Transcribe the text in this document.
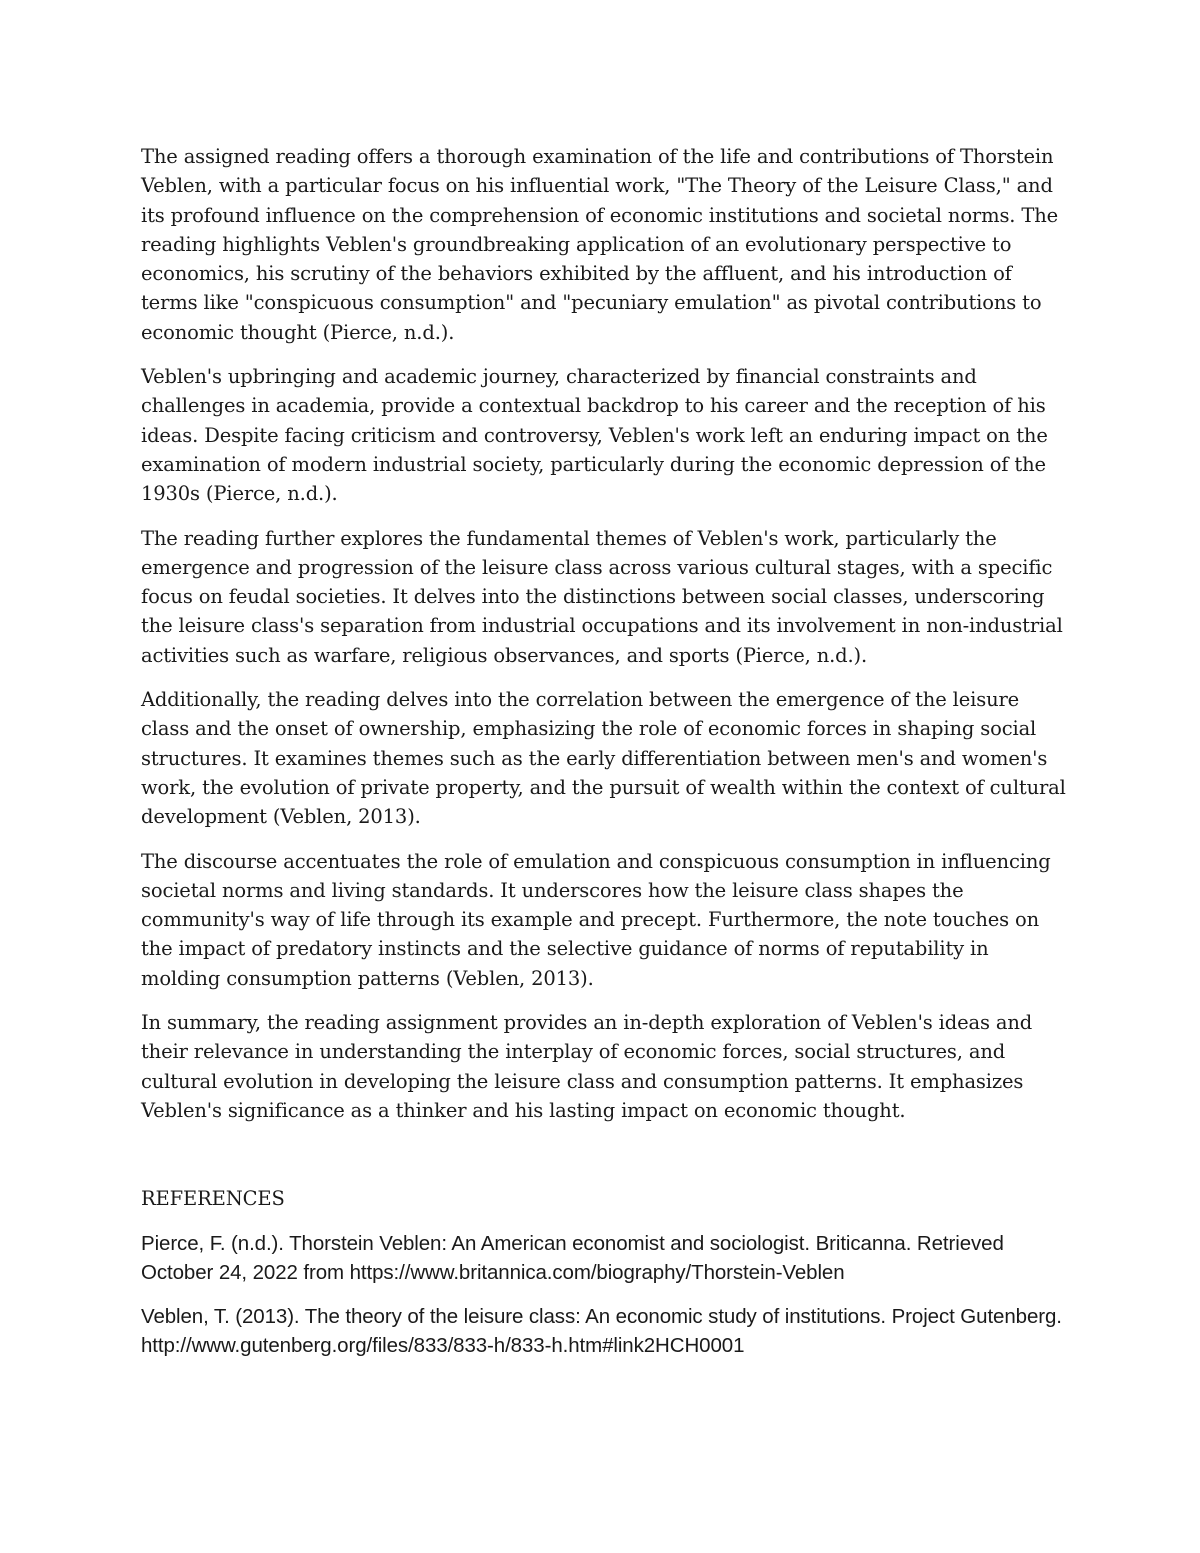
The assigned reading offers a thorough examination of the life and contributions of Thorstein Veblen, with a particular focus on his influential work, "The Theory of the Leisure Class," and its profound influence on the comprehension of economic institutions and societal norms. The reading highlights Veblen's groundbreaking application of an evolutionary perspective to economics, his scrutiny of the behaviors exhibited by the affluent, and his introduction of terms like "conspicuous consumption" and "pecuniary emulation" as pivotal contributions to economic thought (Pierce, n.d.).

Veblen's upbringing and academic journey, characterized by financial constraints and challenges in academia, provide a contextual backdrop to his career and the reception of his ideas. Despite facing criticism and controversy, Veblen's work left an enduring impact on the examination of modern industrial society, particularly during the economic depression of the 1930s (Pierce, n.d.).

The reading further explores the fundamental themes of Veblen's work, particularly the emergence and progression of the leisure class across various cultural stages, with a specific focus on feudal societies. It delves into the distinctions between social classes, underscoring the leisure class's separation from industrial occupations and its involvement in non-industrial activities such as warfare, religious observances, and sports (Pierce, n.d.).

Additionally, the reading delves into the correlation between the emergence of the leisure class and the onset of ownership, emphasizing the role of economic forces in shaping social structures. It examines themes such as the early differentiation between men's and women's work, the evolution of private property, and the pursuit of wealth within the context of cultural development (Veblen, 2013).

The discourse accentuates the role of emulation and conspicuous consumption in influencing societal norms and living standards. It underscores how the leisure class shapes the community's way of life through its example and precept. Furthermore, the note touches on the impact of predatory instincts and the selective guidance of norms of reputability in molding consumption patterns (Veblen, 2013).

In summary, the reading assignment provides an in-depth exploration of Veblen's ideas and their relevance in understanding the interplay of economic forces, social structures, and cultural evolution in developing the leisure class and consumption patterns. It emphasizes Veblen's significance as a thinker and his lasting impact on economic thought.

REFERENCES

Pierce, F. (n.d.). Thorstein Veblen: An American economist and sociologist. Briticanna. Retrieved October 24, 2022 from https://www.britannica.com/biography/Thorstein-Veblen

Veblen, T. (2013). The theory of the leisure class: An economic study of institutions. Project Gutenberg. http://www.gutenberg.org/files/833/833-h/833-h.htm#link2HCH0001
